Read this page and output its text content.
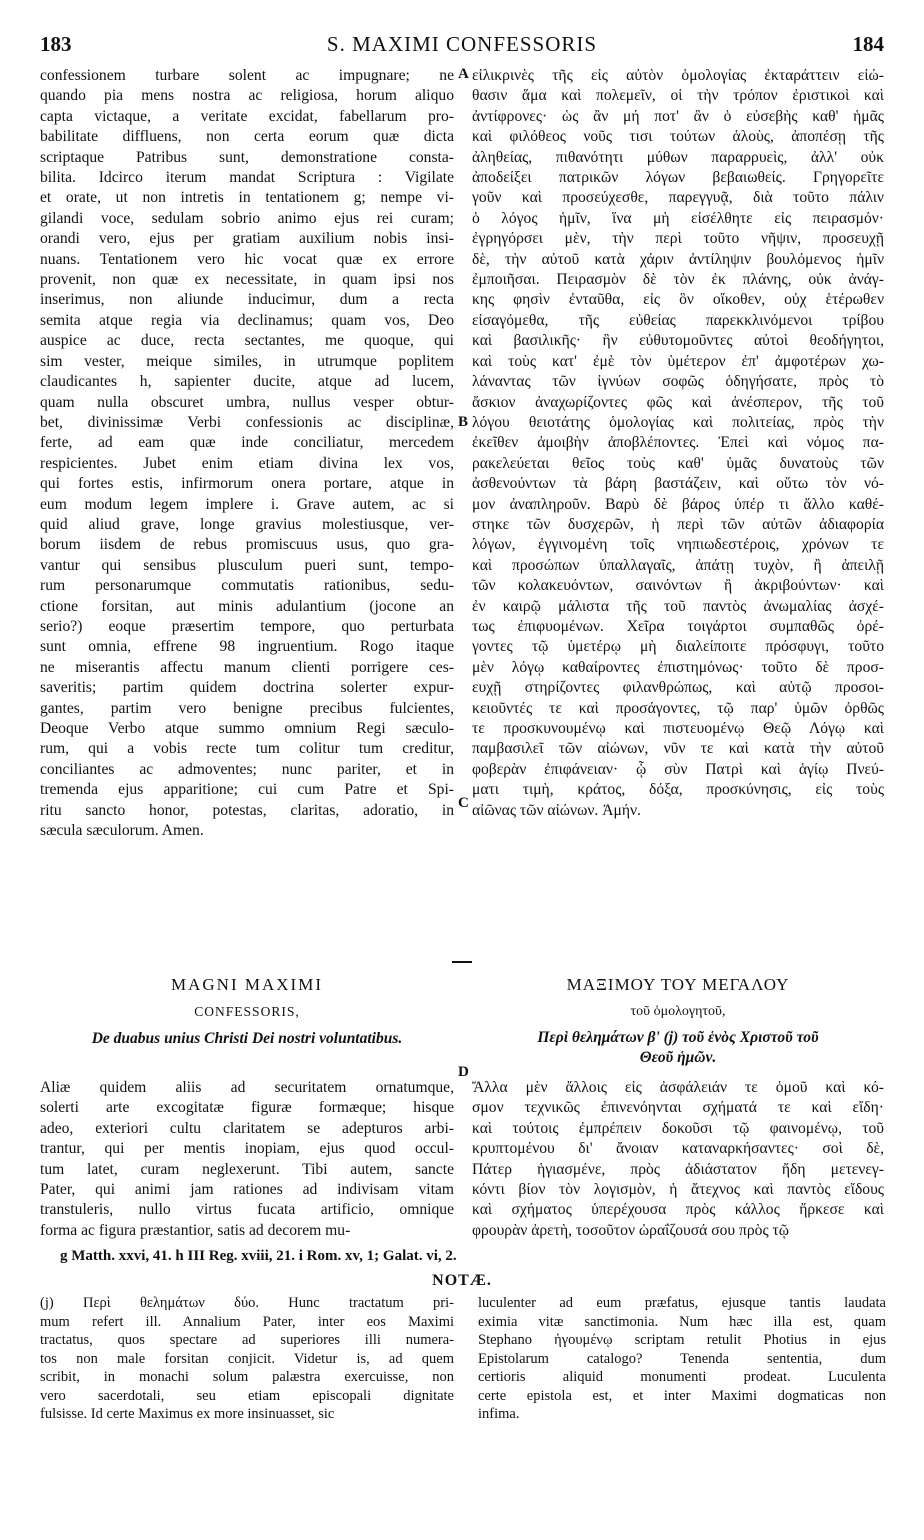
183	S. MAXIMI CONFESSORIS	184
confessionem turbare solent ac impugnare; ne
quando pia mens nostra ac religiosa, horum aliquo
capta victaque, a veritate excidat, fabellarum pro-
babilitate diffluens, non certa eorum quæ dicta
scriptaque Patribus sunt, demonstratione consta-
bilita. Idcirco iterum mandat Scriptura : Vigilate
et orate, ut non intretis in tentationem g; nempe vi-
gilandi voce, sedulam sobrio animo ejus rei curam;
orandi vero, ejus per gratiam auxilium nobis insi-
nuans. Tentationem vero hic vocat quæ ex errore
provenit, non quæ ex necessitate, in quam ipsi nos
inserimus, non aliunde inducimur, dum a recta
semita atque regia via declinamus; quam vos, Deo
auspice ac duce, recta sectantes, me quoque, qui
sim vester, meique similes, in utrumque poplitem
claudicantes h, sapienter ducite, atque ad lucem,
quam nulla obscuret umbra, nullus vesper obtur-
bet, divinissimæ Verbi confessionis ac disciplinæ,
ferte, ad eam quæ inde conciliatur, mercedem
respicientes. Jubet enim etiam divina lex vos,
qui fortes estis, infirmorum onera portare, atque in
eum modum legem implere i. Grave autem, ac si
quid aliud grave, longe gravius molestiusque, ver-
borum iisdem de rebus promiscuus usus, quo gra-
vantur qui sensibus plusculum pueri sunt, tempo-
rum personarumque commutatis rationibus, sedu-
ctione forsitan, aut minis adulantium (jocone an
serio?) eoque præsertim tempore, quo perturbata
sunt omnia, effrene 98 ingruentium. Rogo itaque
ne miserantis affectu manum clienti porrigere ces-
saveritis; partim quidem doctrina solerter expur-
gantes, partim vero benigne precibus fulcientes,
Deoque Verbo atque summo omnium Regi sæculo-
rum, qui a vobis recte tum colitur tum creditur,
conciliantes ac admoventes; nunc pariter, et in
tremenda ejus apparitione; cui cum Patre et Spi-
ritu sancto honor, potestas, claritas, adoratio, in
sæcula sæculorum. Amen.
εἰλικρινὲς τῆς εἰς αὐτὸν ὁμολογίας ἐκταράττειν εἰώ-
θασιν ἅμα καὶ πολεμεῖν, οἱ τὴν τρόπον ἐριστικοὶ καὶ
ἀντίφρονες· ὡς ἂν μή ποτ' ἂν ὁ εὐσεβὴς καθ' ἡμᾶς
καὶ φιλόθεος νοῦς τισι τούτων ἁλοὺς, ἀποπέσῃ τῆς
ἀληθείας, πιθανότητι μύθων παραρρυεὶς, ἀλλ' οὐκ
ἀποδείξει πατρικῶν λόγων βεβαιωθείς. Γρηγορεῖτε
γοῦν καὶ προσεύχεσθε, παρεγγυᾷ, διὰ τοῦτο πάλιν
ὁ λόγος ἡμῖν, ἵνα μὴ εἰσέλθητε εἰς πειρασμόν·
ἐγρηγόρσει μὲν, τὴν περὶ τοῦτο νῆψιν, προσευχῇ
δὲ, τὴν αὐτοῦ κατὰ χάριν ἀντίληψιν βουλόμενος ἡμῖν
ἐμποιῆσαι. Πειρασμὸν δὲ τὸν ἐκ πλάνης, οὐκ ἀνάγ-
κης φησὶν ἐνταῦθα, εἰς ὃν οἴκοθεν, οὐχ ἑτέρωθεν
εἰσαγόμεθα, τῆς εὐθείας παρεκκλινόμενοι τρίβου
καὶ βασιλικῆς· ἣν εὐθυτομοῦντες αὐτοὶ θεοδήγητοι,
καὶ τοὺς κατ' ἐμὲ τὸν ὑμέτερον ἐπ' ἀμφοτέρων χω-
λάναντας τῶν ἰγνύων σοφῶς ὁδηγήσατε, πρὸς τὸ
ἄσκιον ἀναχωρίζοντες φῶς καὶ ἀνέσπερον, τῆς τοῦ
λόγου θειοτάτης ὁμολογίας καὶ πολιτείας, πρὸς τὴν
ἐκεῖθεν ἀμοιβὴν ἀποβλέποντες. Ἐπεὶ καὶ νόμος πα-
ρακελεύεται θεῖος τοὺς καθ' ὑμᾶς δυνατοὺς τῶν
ἀσθενούντων τὰ βάρη βαστάζειν, καὶ οὕτω τὸν νό-
μον ἀναπληροῦν. Βαρὺ δὲ βάρος ὑπέρ τι ἄλλο καθέ-
στηκε τῶν δυσχερῶν, ἡ περὶ τῶν αὐτῶν ἀδιαφορία
λόγων, ἐγγινομένη τοῖς νηπιωδεστέροις, χρόνων τε
καὶ προσώπων ὑπαλλαγαῖς, ἀπάτῃ τυχὸν, ἢ ἀπειλῇ
τῶν κολακευόντων, σαινόντων ἢ ἀκριβούντων· καὶ
ἐν καιρῷ μάλιστα τῆς τοῦ παντὸς ἀνωμαλίας ἀσχέ-
τως ἐπιφυομένων. Χεῖρα τοιγάρτοι συμπαθῶς ὀρέ-
γοντες τῷ ὑμετέρῳ μὴ διαλείποιτε πρόσφυγι, τοῦτο
μὲν λόγῳ καθαίροντες ἐπιστημόνως· τοῦτο δὲ προσ-
ευχῇ στηρίζοντες φιλανθρώπως, καὶ αὐτῷ προσοι-
κειοῦντές τε καὶ προσάγοντες, τῷ παρ' ὑμῶν ὀρθῶς
τε προσκυνουμένῳ καὶ πιστευομένῳ Θεῷ Λόγῳ καὶ
παμβασιλεῖ τῶν αἰώνων, νῦν τε καὶ κατὰ τὴν αὐτοῦ
φοβερὰν ἐπιφάνειαν· ᾧ σὺν Πατρὶ καὶ ἁγίῳ Πνεύ-
ματι τιμὴ, κράτος, δόξα, προσκύνησις, εἰς τοὺς
αἰῶνας τῶν αἰώνων. Ἀμήν.
A
B
C
D
MAGNI MAXIMI
CONFESSORIS,
De duabus unius Christi Dei nostri voluntatibus.
ΜΑΞΙΜΟΥ ΤΟΥ ΜΕΓΑΛΟΥ
τοῦ ὁμολογητοῦ,
Περὶ θελημάτων β' (j) τοῦ ἑνὸς Χριστοῦ τοῦ
Θεοῦ ἡμῶν.
Aliæ quidem aliis ad securitatem ornatumque,
solerti arte excogitatæ figuræ formæque; hisque
adeo, exteriori cultu claritatem se adepturos arbi-
trantur, qui per mentis inopiam, ejus quod occul-
tum latet, curam neglexerunt. Tibi autem, sancte
Pater, qui animi jam rationes ad indivisam vitam
transtuleris, nullo virtus fucata artificio, omnique
forma ac figura præstantior, satis ad decorem mu-
Ἄλλα μὲν ἄλλοις εἰς ἀσφάλειάν τε ὁμοῦ καὶ κό-
σμον τεχνικῶς ἐπινενόηνται σχήματά τε καὶ εἴδη·
καὶ τούτοις ἐμπρέπειν δοκοῦσι τῷ φαινομένῳ, τοῦ
κρυπτομένου δι' ἄνοιαν καταναρκήσαντες· σοὶ δὲ,
Πάτερ ἡγιασμένε, πρὸς ἀδιάστατον ἤδη μετενεγ-
κόντι βίον τὸν λογισμὸν, ἡ ἄτεχνος καὶ παντὸς εἴδους
καὶ σχήματος ὑπερέχουσα πρὸς κάλλος ἤρκεσε καὶ
φρουρὰν ἀρετὴ, τοσοῦτον ὡραΐζουσά σου πρὸς τῷ
g Matth. xxvi, 41. h III Reg. xviii, 21. i Rom. xv, 1; Galat. vi, 2.
NOTÆ.
(j) Περὶ θελημάτων δύο. Hunc tractatum pri-
mum refert ill. Annalium Pater, inter eos Maximi
tractatus, quos spectare ad superiores illi numera-
tos non male forsitan conjicit. Videtur is, ad quem
scribit, in monachi solum palæstra exercuisse, non
vero sacerdotali, seu etiam episcopali dignitate
fulsisse. Id certe Maximus ex more insinuasset, sic
luculenter ad eum præfatus, ejusque tantis laudata
eximia vitæ sanctimonia. Num hæc illa est, quam
Stephano ἡγουμένῳ scriptam retulit Photius in ejus
Epistolarum catalogo? Tenenda sententia, dum
certioris aliquid monumenti prodeat. Luculenta
certe epistola est, et inter Maximi dogmaticas non
infima.
